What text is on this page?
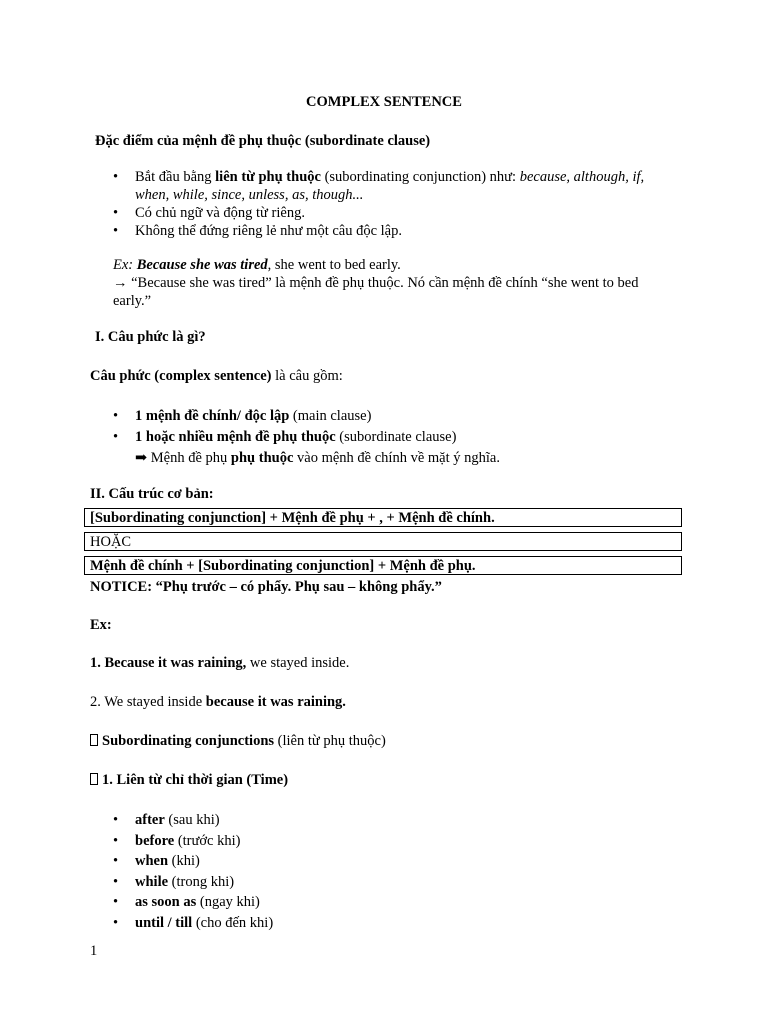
COMPLEX SENTENCE
Đặc điểm của mệnh đề phụ thuộc (subordinate clause)
• Bắt đầu bằng liên từ phụ thuộc (subordinating conjunction) như: because, although, if,
when, while, since, unless, as, though...
• Có chủ ngữ và động từ riêng.
• Không thể đứng riêng lẻ như một câu độc lập.
Ex: Because she was tired, she went to bed early.
→ “Because she was tired” là mệnh đề phụ thuộc. Nó cần mệnh đề chính “she went to bed
early.”
I. Câu phức là gì?
Câu phức (complex sentence) là câu gồm:
• 1 mệnh đề chính/ độc lập (main clause)
• 1 hoặc nhiều mệnh đề phụ thuộc (subordinate clause)
➡ Mệnh đề phụ phụ thuộc vào mệnh đề chính về mặt ý nghĩa.
II. Cấu trúc cơ bản:
[Subordinating conjunction] + Mệnh đề phụ + , + Mệnh đề chính.
HOẶC
Mệnh đề chính + [Subordinating conjunction] + Mệnh đề phụ.
NOTICE: “Phụ trước – có phẩy. Phụ sau – không phẩy.”
Ex:
1. Because it was raining, we stayed inside.
2. We stayed inside because it was raining.
Subordinating conjunctions (liên từ phụ thuộc)
1. Liên từ chỉ thời gian (Time)
• after (sau khi)
• before (trước khi)
• when (khi)
• while (trong khi)
• as soon as (ngay khi)
• until / till (cho đến khi)
1
